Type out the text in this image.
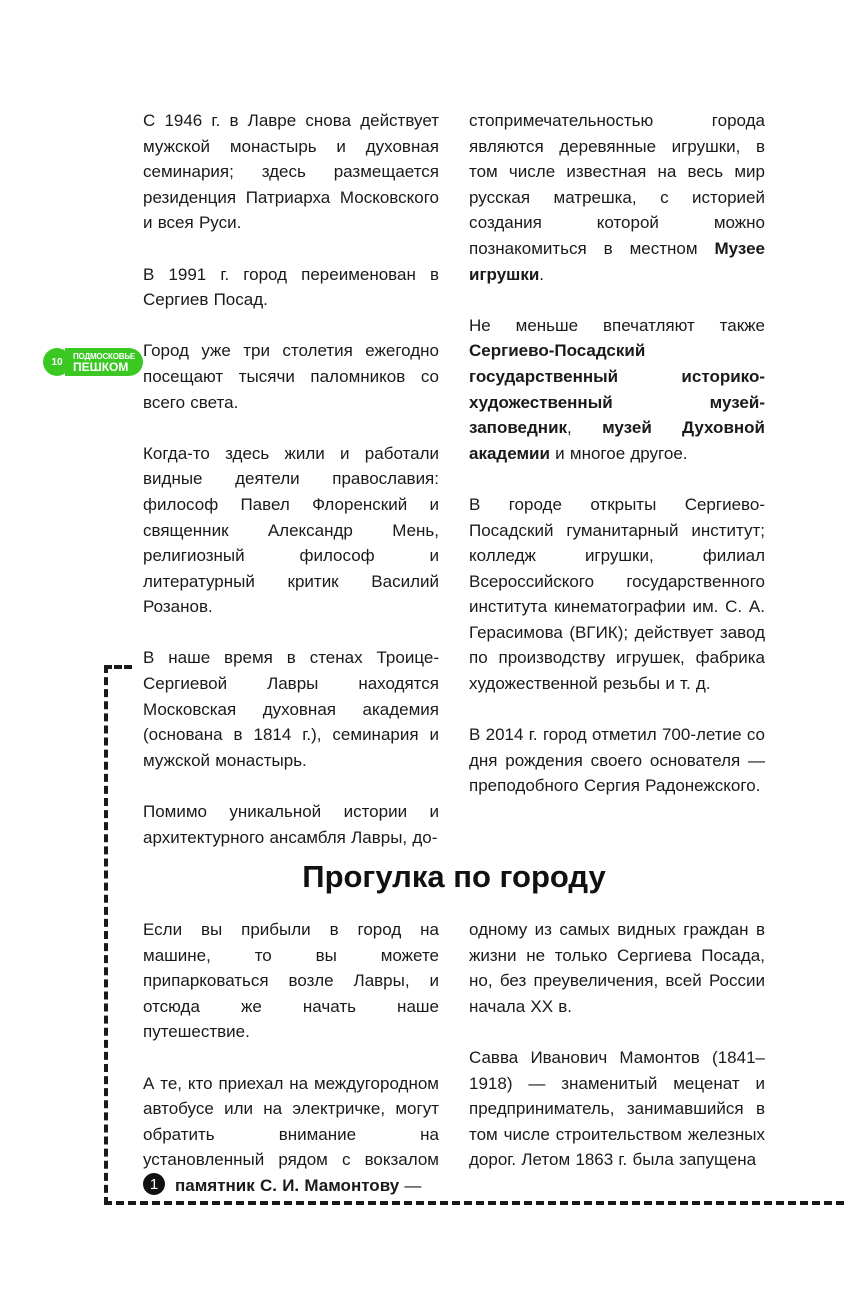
10	ПОДМОСКОВЬЕ
ПЕШКОМ

С 1946 г. в Лавре снова действует мужской монастырь и духовная семинария; здесь размещается резиденция Патриарха Московского и всея Руси.

В 1991 г. город переименован в Сергиев Посад.

Город уже три столетия ежегодно посещают тысячи паломников со всего света.

Когда-то здесь жили и работали видные деятели православия: философ Павел Флоренский и священник Александр Мень, религиозный философ и литературный критик Василий Розанов.

В наше время в стенах Троице-Сергиевой Лавры находятся Московская духовная академия (основана в 1814 г.), семинария и мужской монастырь.

Помимо уникальной истории и архитектурного ансамбля Лавры, до-

стопримечательностью города являются деревянные игрушки, в том числе известная на весь мир русская матрешка, с историей создания которой можно познакомиться в местном Музее игрушки.

Не меньше впечатляют также Сергиево-Посадский государственный историко-художественный музей-заповедник, музей Духовной академии и многое другое.

В городе открыты Сергиево-Посадский гуманитарный институт; колледж игрушки, филиал Всероссийского государственного института кинематографии им. С. А. Герасимова (ВГИК); действует завод по производству игрушек, фабрика художественной резьбы и т. д.

В 2014 г. город отметил 700-летие со дня рождения своего основателя — преподобного Сергия Радонежского.

Прогулка по городу

Если вы прибыли в город на машине, то вы можете припарковаться возле Лавры, и отсюда же начать наше путешествие.

А те, кто приехал на междугородном автобусе или на электричке, могут обратить внимание на установленный рядом с вокзалом 1 памятник С. И. Мамонтову —

одному из самых видных граждан в жизни не только Сергиева Посада, но, без преувеличения, всей России начала XX в.

Савва Иванович Мамонтов (1841–1918) — знаменитый меценат и предприниматель, занимавшийся в том числе строительством железных дорог. Летом 1863 г. была запущена
